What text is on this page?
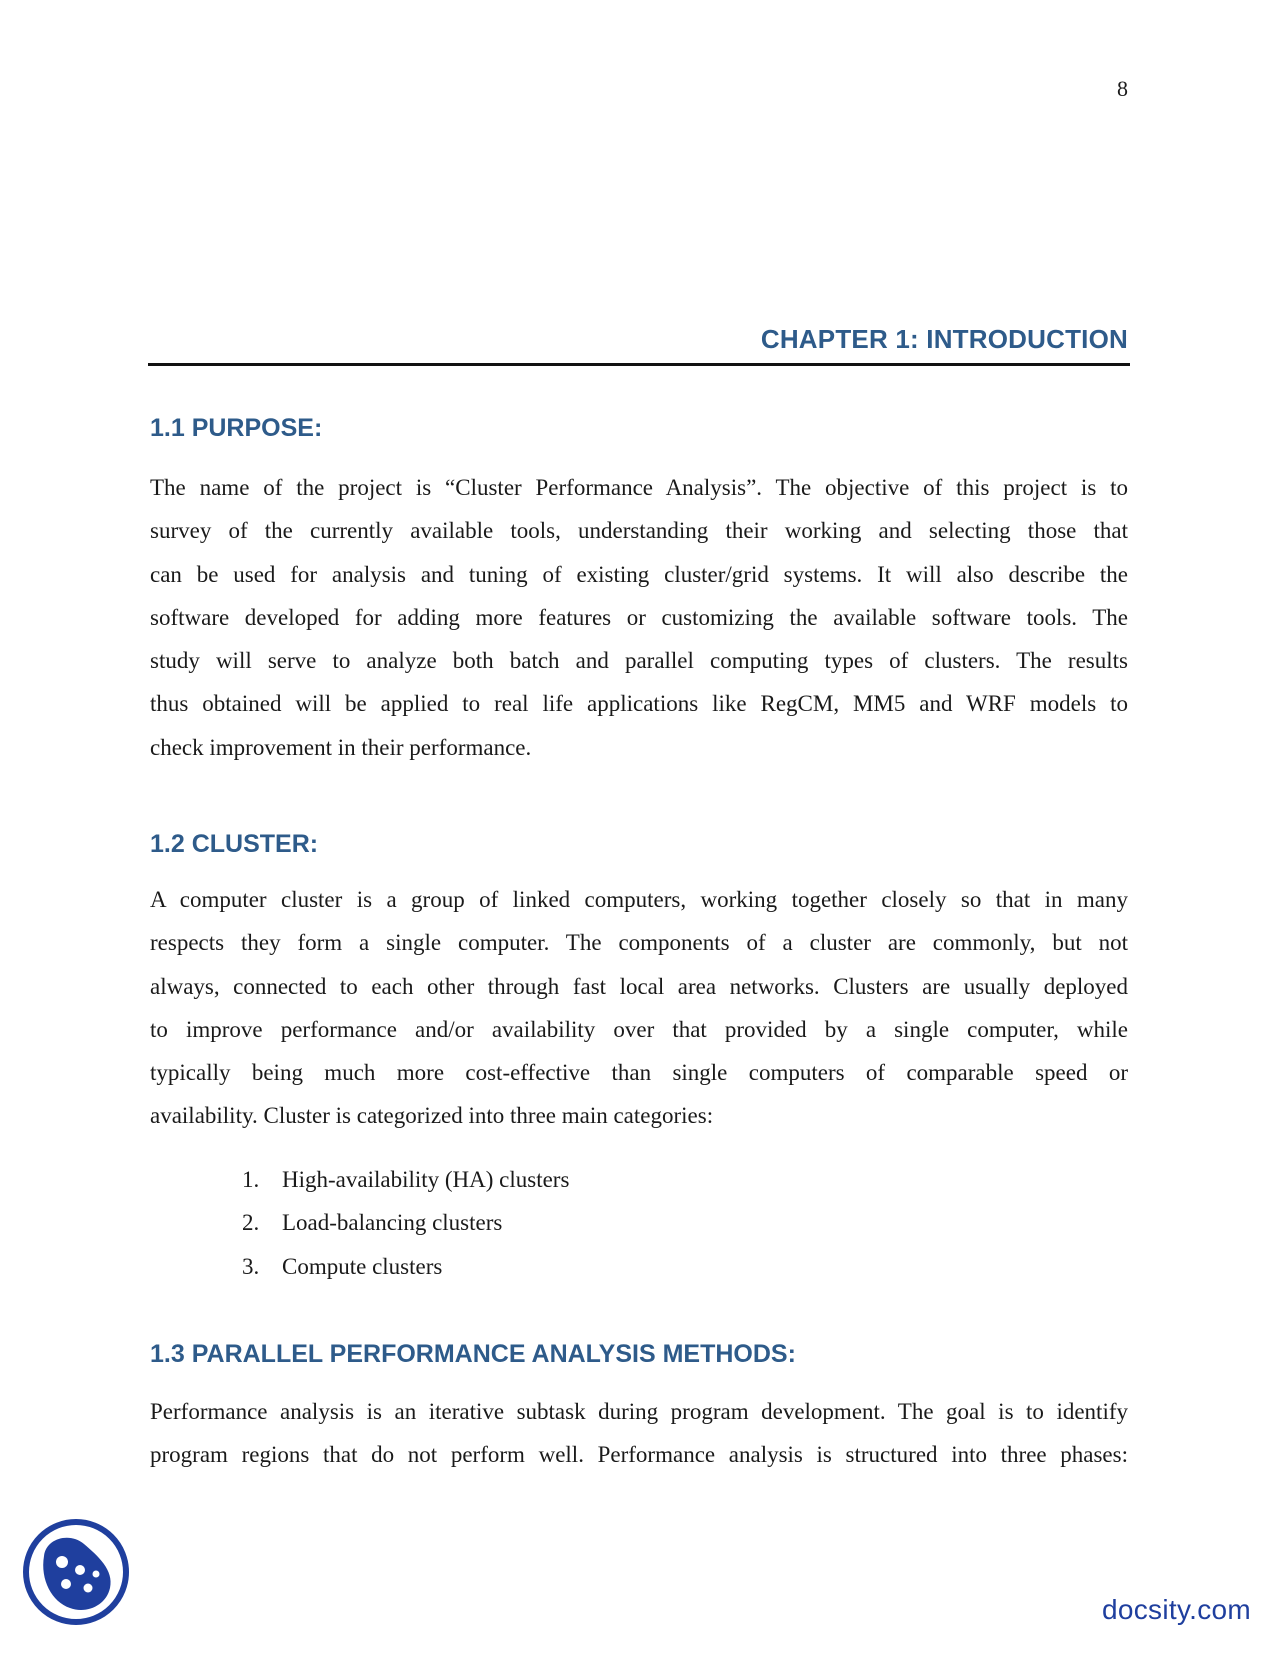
8
CHAPTER 1: INTRODUCTION
1.1 PURPOSE:
The name of the project is “Cluster Performance Analysis”. The objective of this project is to
survey of the currently available tools, understanding their working and selecting those that
can be used for analysis and tuning of existing cluster/grid systems. It will also describe the
software developed for adding more features or customizing the available software tools. The
study will serve to analyze both batch and parallel computing types of clusters. The results
thus obtained will be applied to real life applications like RegCM, MM5 and WRF models to
check improvement in their performance.
1.2 CLUSTER:
A computer cluster is a group of linked computers, working together closely so that in many
respects they form a single computer. The components of a cluster are commonly, but not
always, connected to each other through fast local area networks. Clusters are usually deployed
to improve performance and/or availability over that provided by a single computer, while
typically being much more cost-effective than single computers of comparable speed or
availability. Cluster is categorized into three main categories:
1. High-availability (HA) clusters
2. Load-balancing clusters
3. Compute clusters
1.3 PARALLEL PERFORMANCE ANALYSIS METHODS:
Performance analysis is an iterative subtask during program development. The goal is to identify
program regions that do not perform well. Performance analysis is structured into three phases:
docsity.com
